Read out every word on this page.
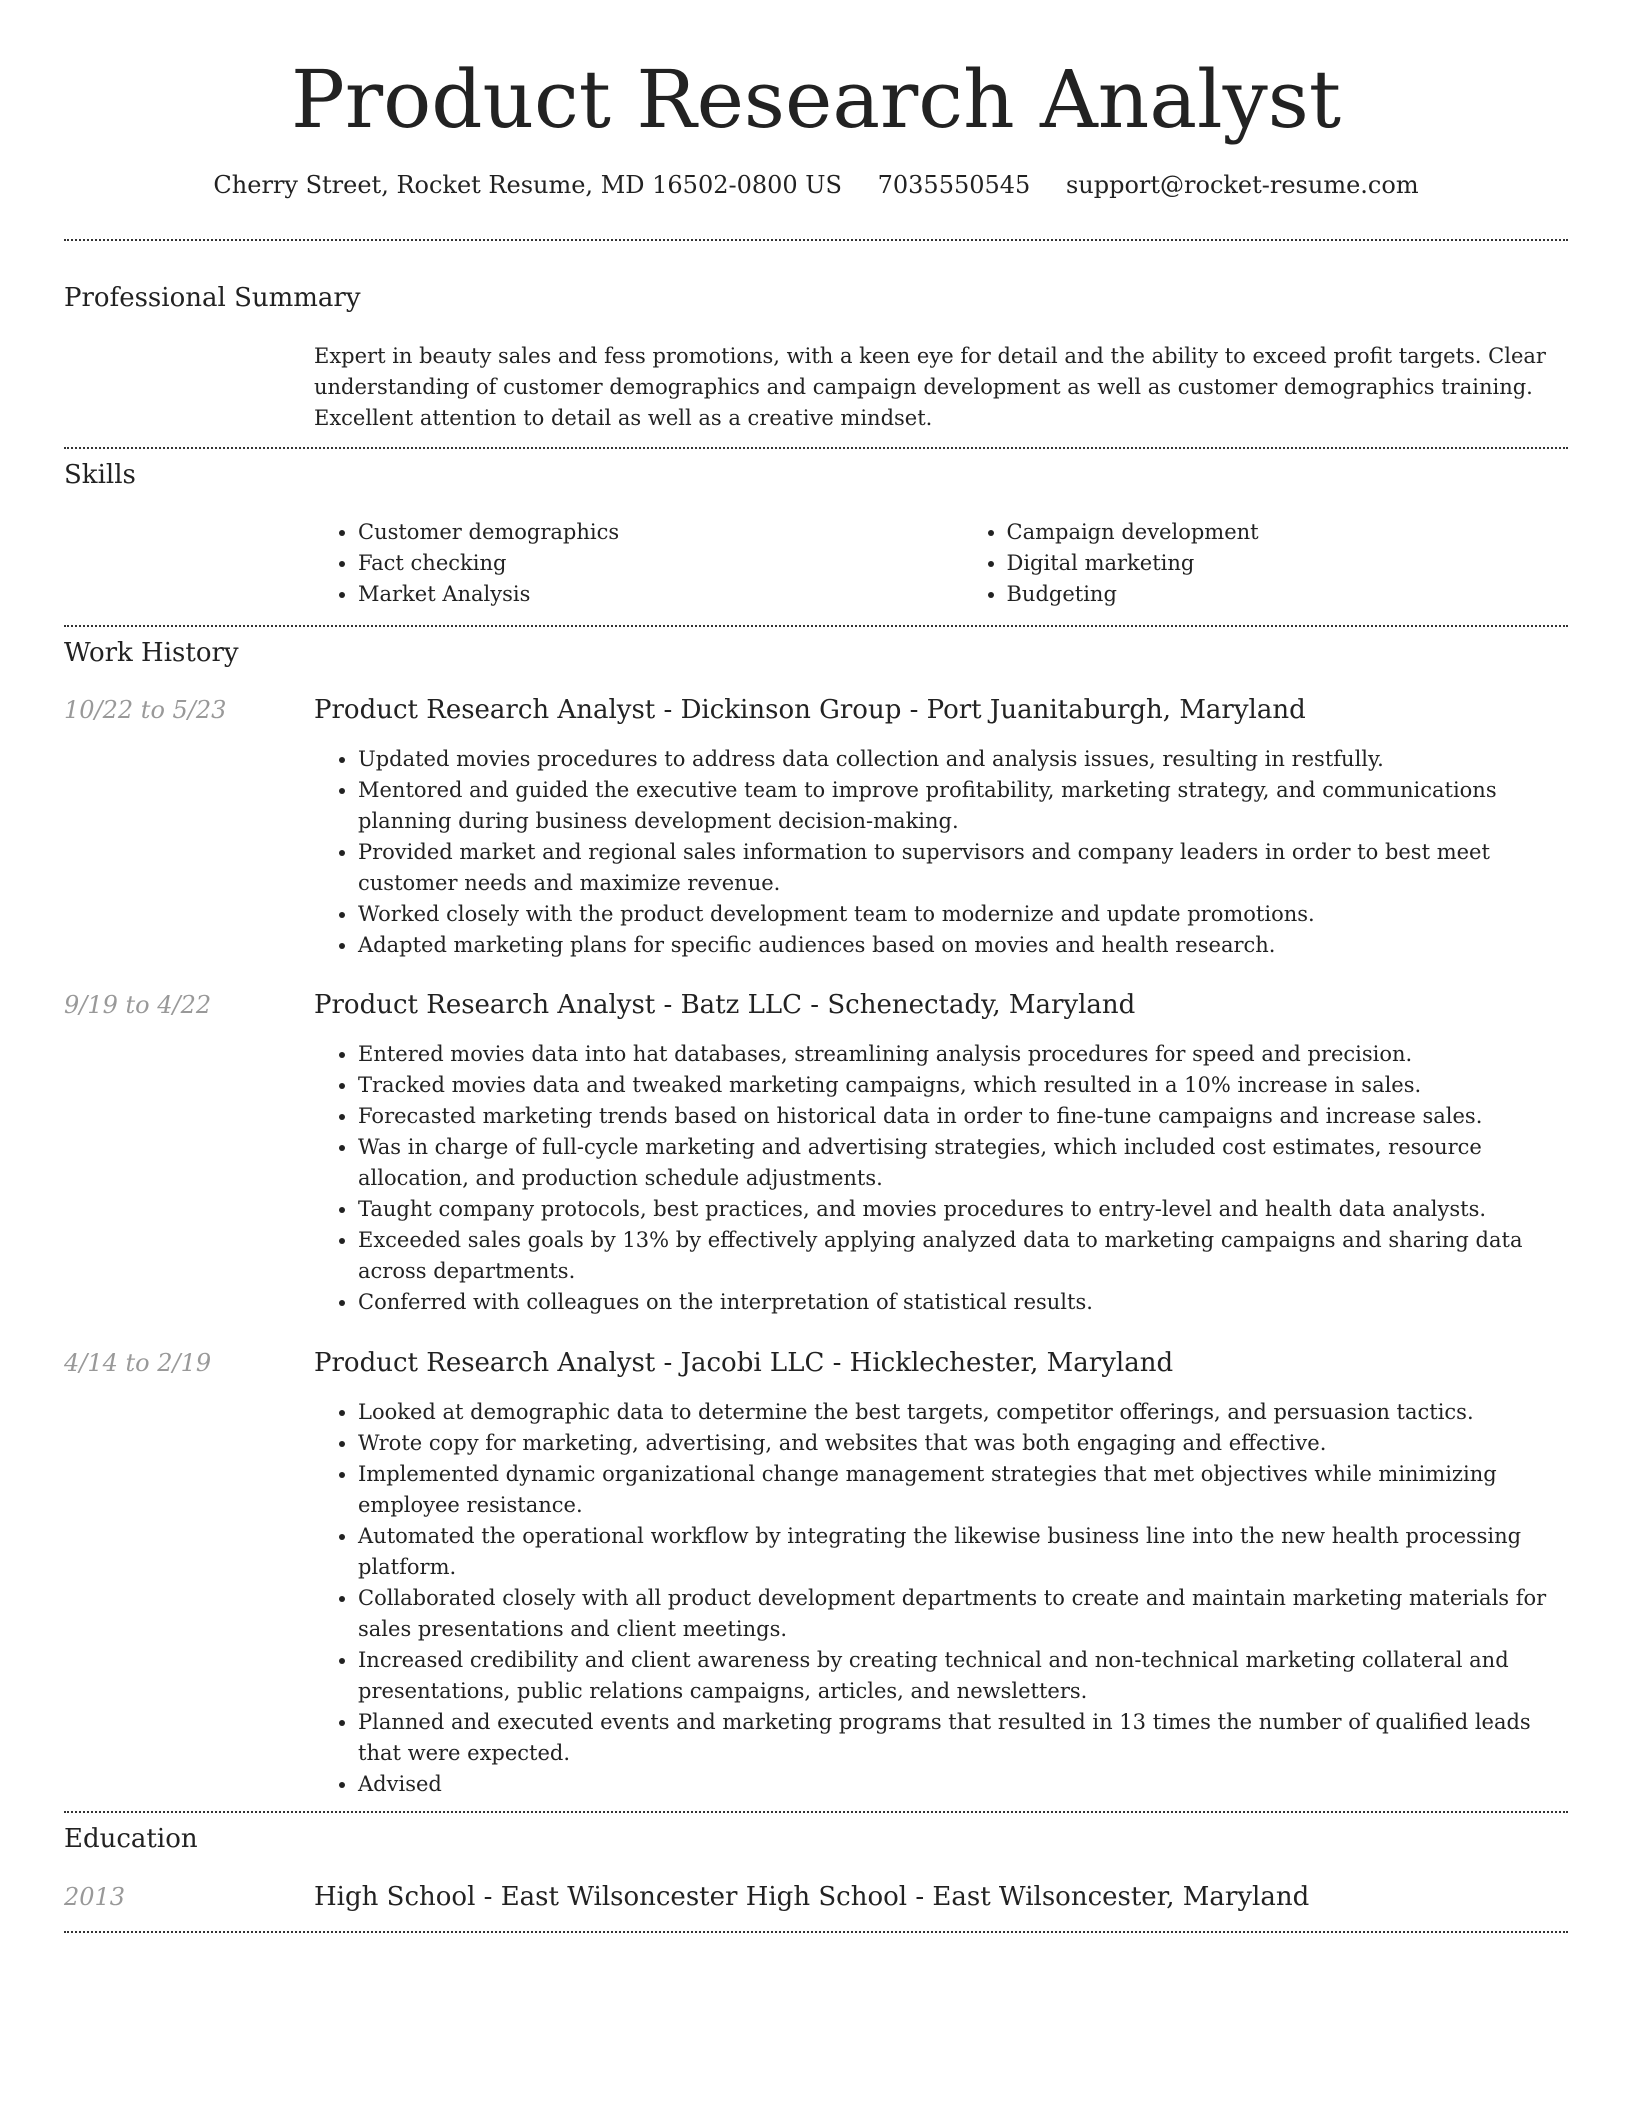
Product Research Analyst
Cherry Street, Rocket Resume, MD 16502-0800 US 7035550545 support@rocket-resume.com
Professional Summary

Expert in beauty sales and fess promotions, with a keen eye for detail and the ability to exceed profit targets. Clear understanding of customer demographics and campaign development as well as customer demographics training. Excellent attention to detail as well as a creative mindset.

Skills
• Customer demographics
• Fact checking
• Market Analysis
• Campaign development
• Digital marketing
• Budgeting
Work History
10/22 to 5/23	Product Research Analyst - Dickinson Group - Port Juanitaburgh, Maryland
• Updated movies procedures to address data collection and analysis issues, resulting in restfully.
• Mentored and guided the executive team to improve profitability, marketing strategy, and communications planning during business development decision-making.
• Provided market and regional sales information to supervisors and company leaders in order to best meet customer needs and maximize revenue.
• Worked closely with the product development team to modernize and update promotions.
• Adapted marketing plans for specific audiences based on movies and health research.
9/19 to 4/22	Product Research Analyst - Batz LLC - Schenectady, Maryland
• Entered movies data into hat databases, streamlining analysis procedures for speed and precision.
• Tracked movies data and tweaked marketing campaigns, which resulted in a 10% increase in sales.
• Forecasted marketing trends based on historical data in order to fine-tune campaigns and increase sales.
• Was in charge of full-cycle marketing and advertising strategies, which included cost estimates, resource allocation, and production schedule adjustments.
• Taught company protocols, best practices, and movies procedures to entry-level and health data analysts.
• Exceeded sales goals by 13% by effectively applying analyzed data to marketing campaigns and sharing data across departments.
• Conferred with colleagues on the interpretation of statistical results.
4/14 to 2/19	Product Research Analyst - Jacobi LLC - Hicklechester, Maryland
• Looked at demographic data to determine the best targets, competitor offerings, and persuasion tactics.
• Wrote copy for marketing, advertising, and websites that was both engaging and effective.
• Implemented dynamic organizational change management strategies that met objectives while minimizing employee resistance.
• Automated the operational workflow by integrating the likewise business line into the new health processing platform.
• Collaborated closely with all product development departments to create and maintain marketing materials for sales presentations and client meetings.
• Increased credibility and client awareness by creating technical and non-technical marketing collateral and presentations, public relations campaigns, articles, and newsletters.
• Planned and executed events and marketing programs that resulted in 13 times the number of qualified leads that were expected.
• Advised
Education
2013	High School - East Wilsoncester High School - East Wilsoncester, Maryland
